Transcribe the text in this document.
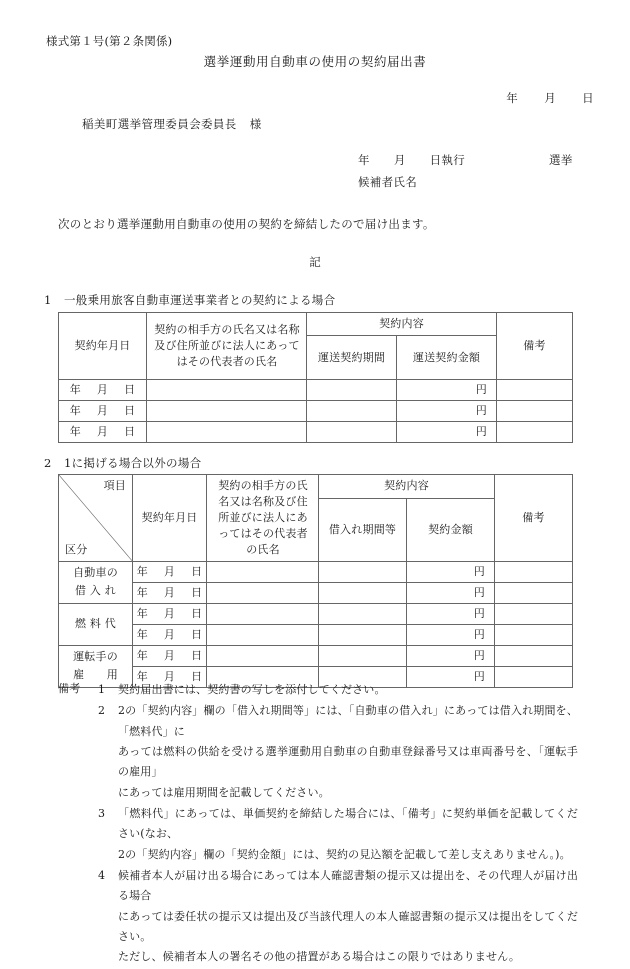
様式第１号(第２条関係)
選挙運動用自動車の使用の契約届出書
年 月 日
稲美町選挙管理委員会委員長 様
年 月 日執行	選挙
候補者氏名
次のとおり選挙運動用自動車の使用の契約を締結したので届け出ます。
記
1 一般乗用旅客自動車運送事業者との契約による場合
契約年月日	契約の相手方の氏名又は名称及び住所並びに法人にあってはその代表者の氏名	契約内容		備考
		運送契約期間	運送契約金額	
年 月 日			円	
年 月 日			円	
年 月 日			円	
2 1に掲げる場合以外の場合
項目
区分	契約年月日	契約の相手方の氏名又は名称及び住所並びに法人にあってはその代表者の氏名	契約内容		備考
			借入れ期間等	契約金額	
自動車の	年 月 日			円	
借 入 れ	年 月 日			円	
燃 料 代	年 月 日			円	
	年 月 日			円	
運転手の	年 月 日			円	
雇　　用	年 月 日			円	
備考 1	契約届出書には、契約書の写しを添付してください。

2	2の「契約内容」欄の「借入れ期間等」には、「自動車の借入れ」にあっては借入れ期間を、「燃料代」に

あっては燃料の供給を受ける選挙運動用自動車の自動車登録番号又は車両番号を、「運転手の雇用」

にあっては雇用期間を記載してください。

3	「燃料代」にあっては、単価契約を締結した場合には、「備考」に契約単価を記載してください(なお、

2の「契約内容」欄の「契約金額」には、契約の見込額を記載して差し支えありません。)。

4	候補者本人が届け出る場合にあっては本人確認書類の提示又は提出を、その代理人が届け出る場合

にあっては委任状の提示又は提出及び当該代理人の本人確認書類の提示又は提出をしてください。

ただし、候補者本人の署名その他の措置がある場合はこの限りではありません。
